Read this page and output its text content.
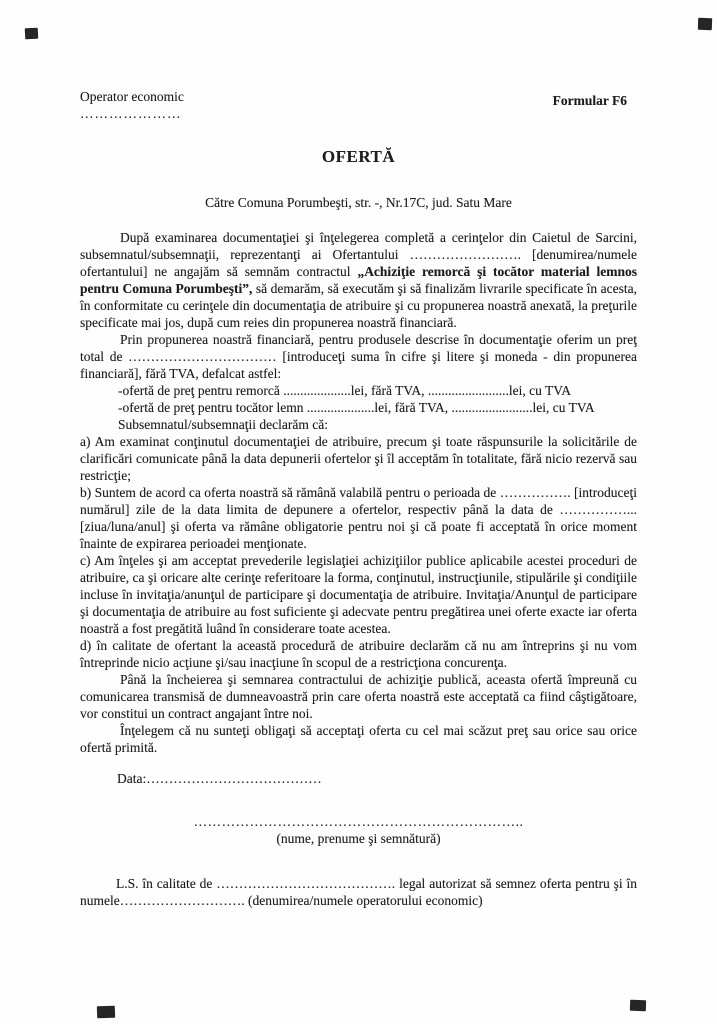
Operator economic
…………………
Formular F6
OFERTĂ
Către Comuna Porumbeşti, str. -, Nr.17C, jud. Satu Mare

După examinarea documentaţiei şi înţelegerea completă a cerinţelor din Caietul de Sarcini, subsemnatul/subsemnaţii, reprezentanţi ai Ofertantului ……………………. [denumirea/numele ofertantului] ne angajăm să semnăm contractul „Achiziţie remorcă şi tocător material lemnos pentru Comuna Porumbeşti”, să demarăm, să executăm şi să finalizăm livrarile specificate în acesta, în conformitate cu cerinţele din documentaţia de atribuire şi cu propunerea noastră anexată, la preţurile specificate mai jos, după cum reies din propunerea noastră financiară.

Prin propunerea noastră financiară, pentru produsele descrise în documentaţie oferim un preţ total de …………………………… [introduceţi suma în cifre şi litere şi moneda - din propunerea financiară], fără TVA, defalcat astfel:

-ofertă de preţ pentru remorcă ....................lei, fără TVA, ........................lei, cu TVA

-ofertă de preţ pentru tocător lemn ....................lei, fără TVA, ........................lei, cu TVA

Subsemnatul/subsemnaţii declarăm că:

a) Am examinat conţinutul documentaţiei de atribuire, precum şi toate răspunsurile la solicitările de clarificări comunicate până la data depunerii ofertelor şi îl acceptăm în totalitate, fără nicio rezervă sau restricţie;

b) Suntem de acord ca oferta noastră să rămână valabilă pentru o perioada de ……………. [introduceţi numărul] zile de la data limita de depunere a ofertelor, respectiv până la data de ……………... [ziua/luna/anul] şi oferta va rămâne obligatorie pentru noi şi că poate fi acceptată în orice moment înainte de expirarea perioadei menţionate.

c) Am înţeles şi am acceptat prevederile legislaţiei achiziţiilor publice aplicabile acestei proceduri de atribuire, ca şi oricare alte cerinţe referitoare la forma, conţinutul, instrucţiunile, stipulările şi condiţiile incluse în invitaţia/anunţul de participare şi documentaţia de atribuire. Invitaţia/Anunţul de participare şi documentaţia de atribuire au fost suficiente şi adecvate pentru pregătirea unei oferte exacte iar oferta noastră a fost pregătită luând în considerare toate acestea.

d) în calitate de ofertant la această procedură de atribuire declarăm că nu am întreprins şi nu vom întreprinde nicio acţiune şi/sau inacţiune în scopul de a restricţiona concurenţa.

Până la încheierea şi semnarea contractului de achiziţie publică, aceasta ofertă împreună cu comunicarea transmisă de dumneavoastră prin care oferta noastră este acceptată ca fiind câştigătoare, vor constitui un contract angajant între noi.

Înţelegem că nu sunteţi obligaţi să acceptaţi oferta cu cel mai scăzut preţ sau orice sau orice ofertă primită.

Data:…………………………………

……………………………………………………………..

(nume, prenume şi semnătură)

L.S. în calitate de …………………………………. legal autorizat să semnez oferta pentru şi în numele………………………. (denumirea/numele operatorului economic)
